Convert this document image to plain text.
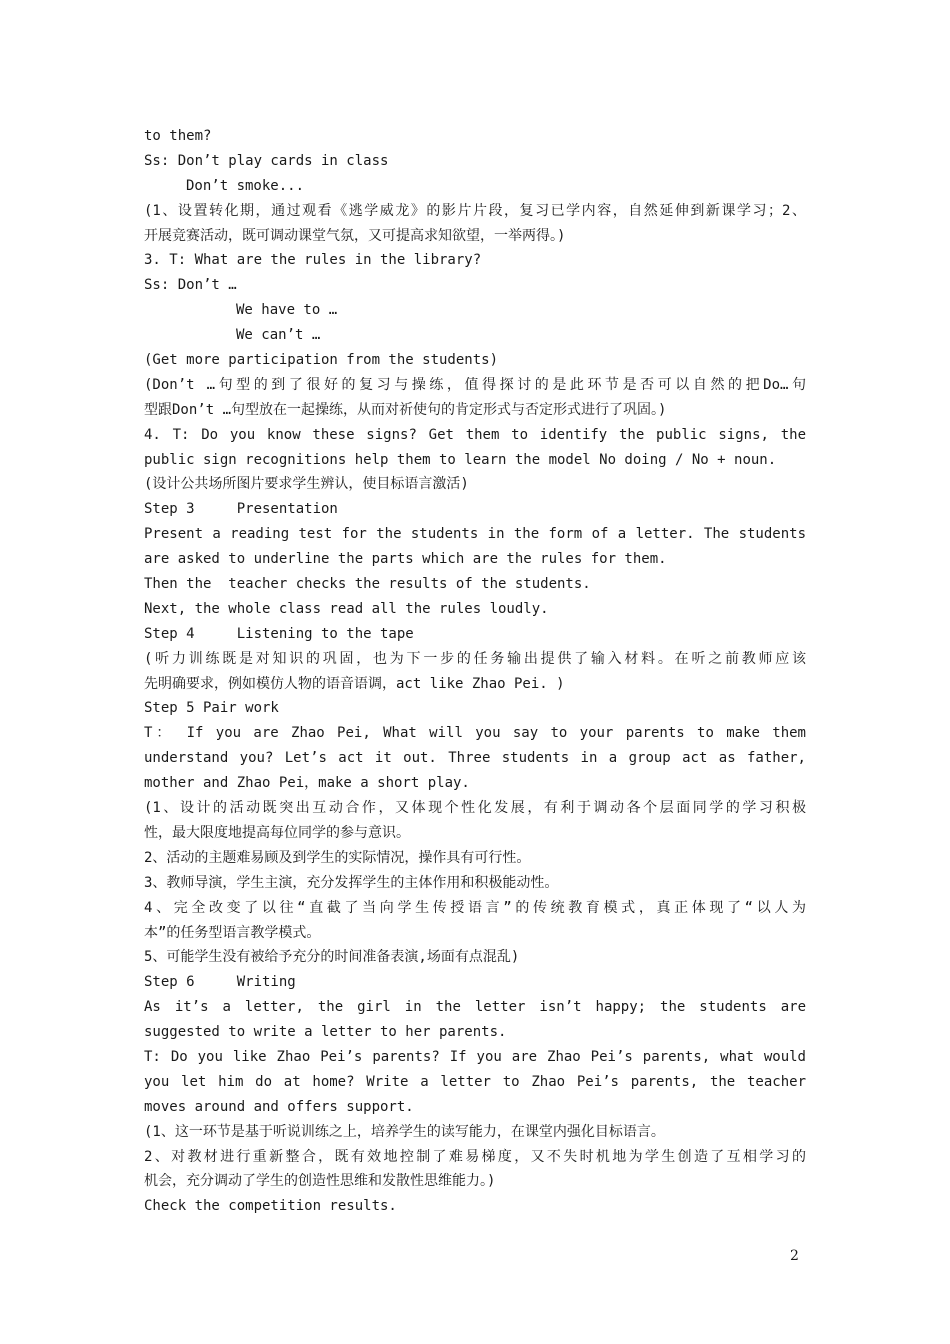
to them?
Ss: Don’t play cards in class
Don’t smoke...
(1、设置转化期，通过观看《逃学威龙》的影片片段，复习已学内容，自然延伸到新课学习；2、
开展竞赛活动，既可调动课堂气氛，又可提高求知欲望，一举两得。)
3. T: What are the rules in the library?
Ss: Don’t …
We have to …
We can’t …
(Get more participation from the students)
(Don’t …句型的到了很好的复习与操练，值得探讨的是此环节是否可以自然的把Do…句
型跟Don’t …句型放在一起操练，从而对祈使句的肯定形式与否定形式进行了巩固。)
4. T: Do you know these signs? Get them to identify the public signs, the
public sign recognitions help them to learn the model No doing / No + noun.
(设计公共场所图片要求学生辨认，使目标语言激活)
Step 3     Presentation
Present a reading test for the students in the form of a letter. The students
are asked to underline the parts which are the rules for them.
Then the  teacher checks the results of the students.
Next, the whole class read all the rules loudly.
Step 4     Listening to the tape
(听力训练既是对知识的巩固，也为下一步的任务输出提供了输入材料。在听之前教师应该
先明确要求，例如模仿人物的语音语调，act like Zhao Pei. )
Step 5 Pair work
T： If you are Zhao Pei, What will you say to your parents to make them
understand you? Let’s act it out. Three students in a group act as father,
mother and Zhao Pei，make a short play.
(1、设计的活动既突出互动合作，又体现个性化发展，有利于调动各个层面同学的学习积极
性，最大限度地提高每位同学的参与意识。
2、活动的主题难易顾及到学生的实际情况，操作具有可行性。
3、教师导演，学生主演，充分发挥学生的主体作用和积极能动性。
4、完全改变了以往“直截了当向学生传授语言”的传统教育模式，真正体现了“以人为
本”的任务型语言教学模式。
5、可能学生没有被给予充分的时间准备表演,场面有点混乱)
Step 6     Writing
As it’s a letter, the girl in the letter isn’t happy; the students are
suggested to write a letter to her parents.
T: Do you like Zhao Pei’s parents? If you are Zhao Pei’s parents, what would
you let him do at home? Write a letter to Zhao Pei’s parents, the teacher
moves around and offers support.
(1、这一环节是基于听说训练之上，培养学生的读写能力，在课堂内强化目标语言。
2、对教材进行重新整合，既有效地控制了难易梯度，又不失时机地为学生创造了互相学习的
机会，充分调动了学生的创造性思维和发散性思维能力。)
Check the competition results.
2
